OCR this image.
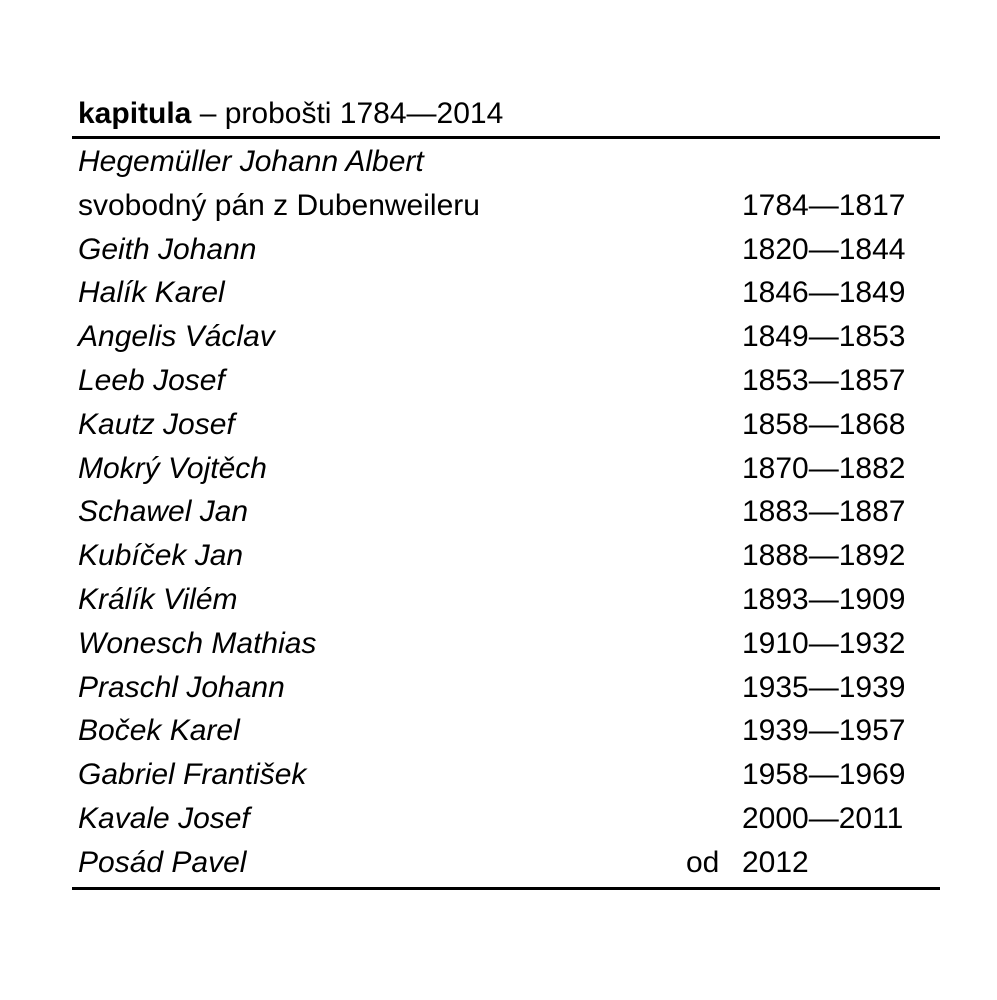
kapitula – probošti 1784—2014
Hegemüller Johann Albert
svobodný pán z Dubenweileru	1784—1817
Geith Johann	1820—1844
Halík Karel	1846—1849
Angelis Václav	1849—1853
Leeb Josef	1853—1857
Kautz Josef	1858—1868
Mokrý Vojtěch	1870—1882
Schawel Jan	1883—1887
Kubíček Jan	1888—1892
Králík Vilém	1893—1909
Wonesch Mathias	1910—1932
Praschl Johann	1935—1939
Boček Karel	1939—1957
Gabriel František	1958—1969
Kavale Josef	2000—2011
Posád Pavel	od 2012
